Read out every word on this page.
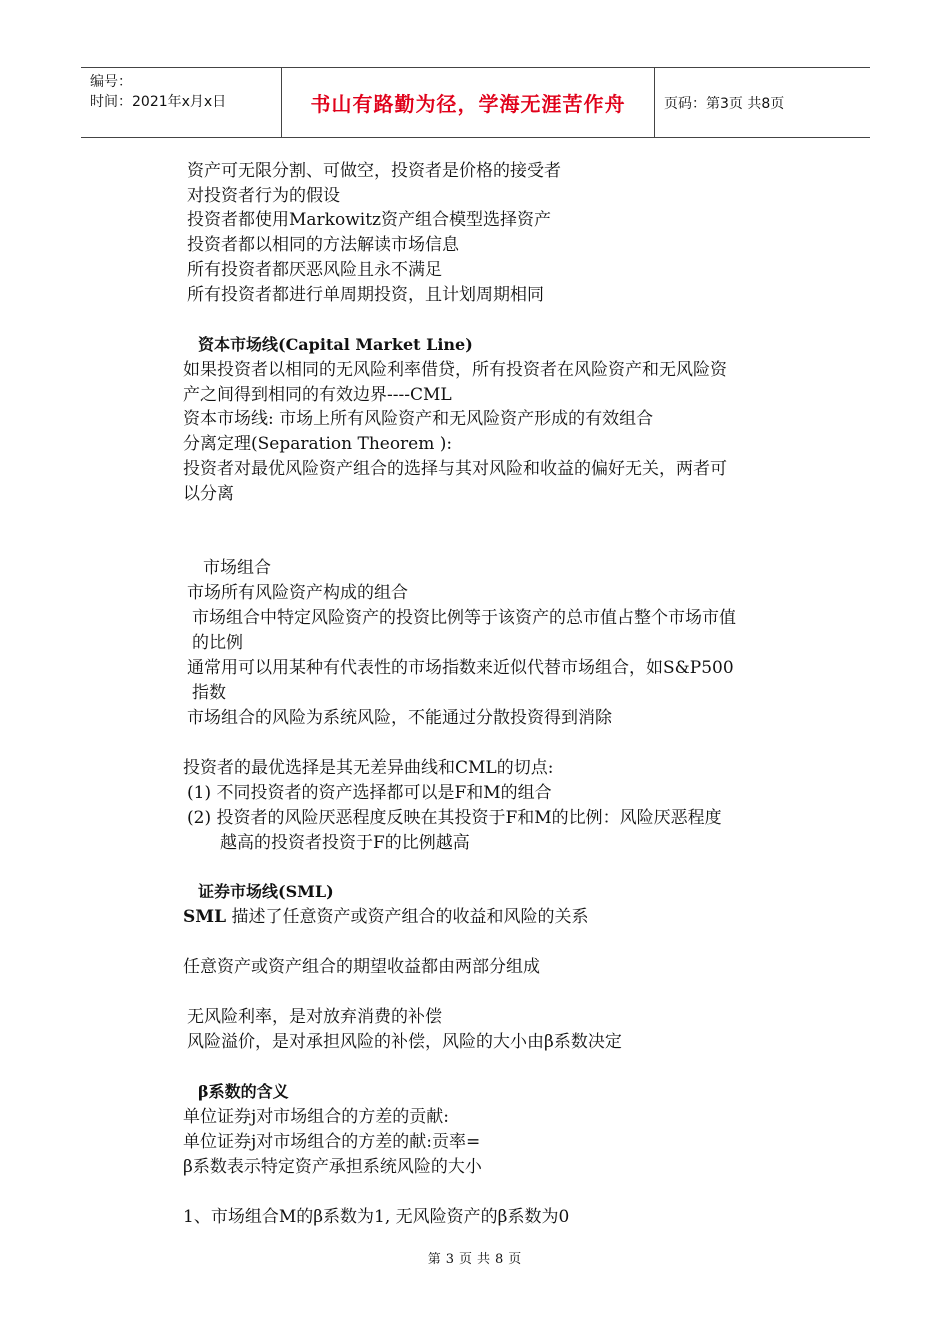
编号：
时间：2021年x月x日	书山有路勤为径，学海无涯苦作舟	页码：第3页 共8页
资产可无限分割、可做空，投资者是价格的接受者
对投资者行为的假设
投资者都使用Markowitz资产组合模型选择资产
投资者都以相同的方法解读市场信息
所有投资者都厌恶风险且永不满足
所有投资者都进行单周期投资，且计划周期相同
资本市场线(Capital Market Line)
如果投资者以相同的无风险利率借贷，所有投资者在风险资产和无风险资
产之间得到相同的有效边界----CML
资本市场线: 市场上所有风险资产和无风险资产形成的有效组合
分离定理(Separation Theorem ):
投资者对最优风险资产组合的选择与其对风险和收益的偏好无关，两者可
以分离
市场组合
市场所有风险资产构成的组合
市场组合中特定风险资产的投资比例等于该资产的总市值占整个市场市值
的比例
通常用可以用某种有代表性的市场指数来近似代替市场组合，如S&P500
指数
市场组合的风险为系统风险，不能通过分散投资得到消除
投资者的最优选择是其无差异曲线和CML的切点:
(1) 不同投资者的资产选择都可以是F和M的组合
(2) 投资者的风险厌恶程度反映在其投资于F和M的比例：风险厌恶程度
越高的投资者投资于F的比例越高
证券市场线(SML)
SML 描述了任意资产或资产组合的收益和风险的关系
任意资产或资产组合的期望收益都由两部分组成
无风险利率，是对放弃消费的补偿
风险溢价，是对承担风险的补偿，风险的大小由β系数决定
β系数的含义
单位证券j对市场组合的方差的贡献:
单位证券j对市场组合的方差的献:贡率=
β系数表示特定资产承担系统风险的大小
1、市场组合M的β系数为1, 无风险资产的β系数为0
第 3 页 共 8 页
